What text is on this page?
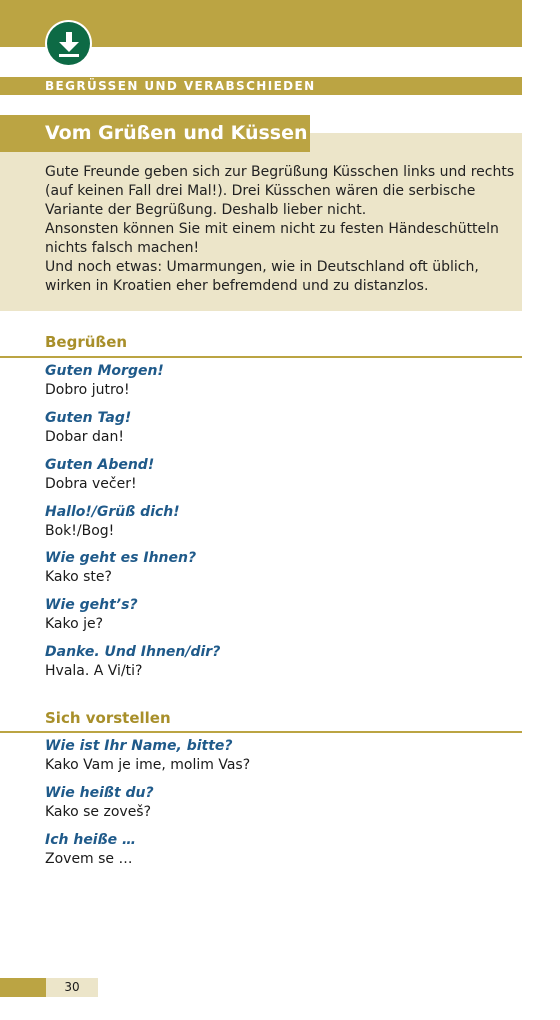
BEGRÜSSEN UND VERABSCHIEDEN
Vom Grüßen und Küssen

Gute Freunde geben sich zur Begrüßung Küsschen links und rechts (auf keinen Fall drei Mal!). Drei Küsschen wären die serbische Variante der Begrüßung. Deshalb lieber nicht.

Ansonsten können Sie mit einem nicht zu festen Händeschütteln nichts falsch machen!

Und noch etwas: Umarmungen, wie in Deutschland oft üblich, wirken in Kroatien eher befremdend und zu distanzlos.

Begrüßen
Guten Morgen!
Dobro jutro!
Guten Tag!
Dobar dan!
Guten Abend!
Dobra večer!
Hallo!/Grüß dich!
Bok!/Bog!
Wie geht es Ihnen?
Kako ste?
Wie geht’s?
Kako je?
Danke. Und Ihnen/dir?
Hvala. A Vi/ti?
Sich vorstellen
Wie ist Ihr Name, bitte?
Kako Vam je ime, molim Vas?
Wie heißt du?
Kako se zoveš?
Ich heiße …
Zovem se …
30
